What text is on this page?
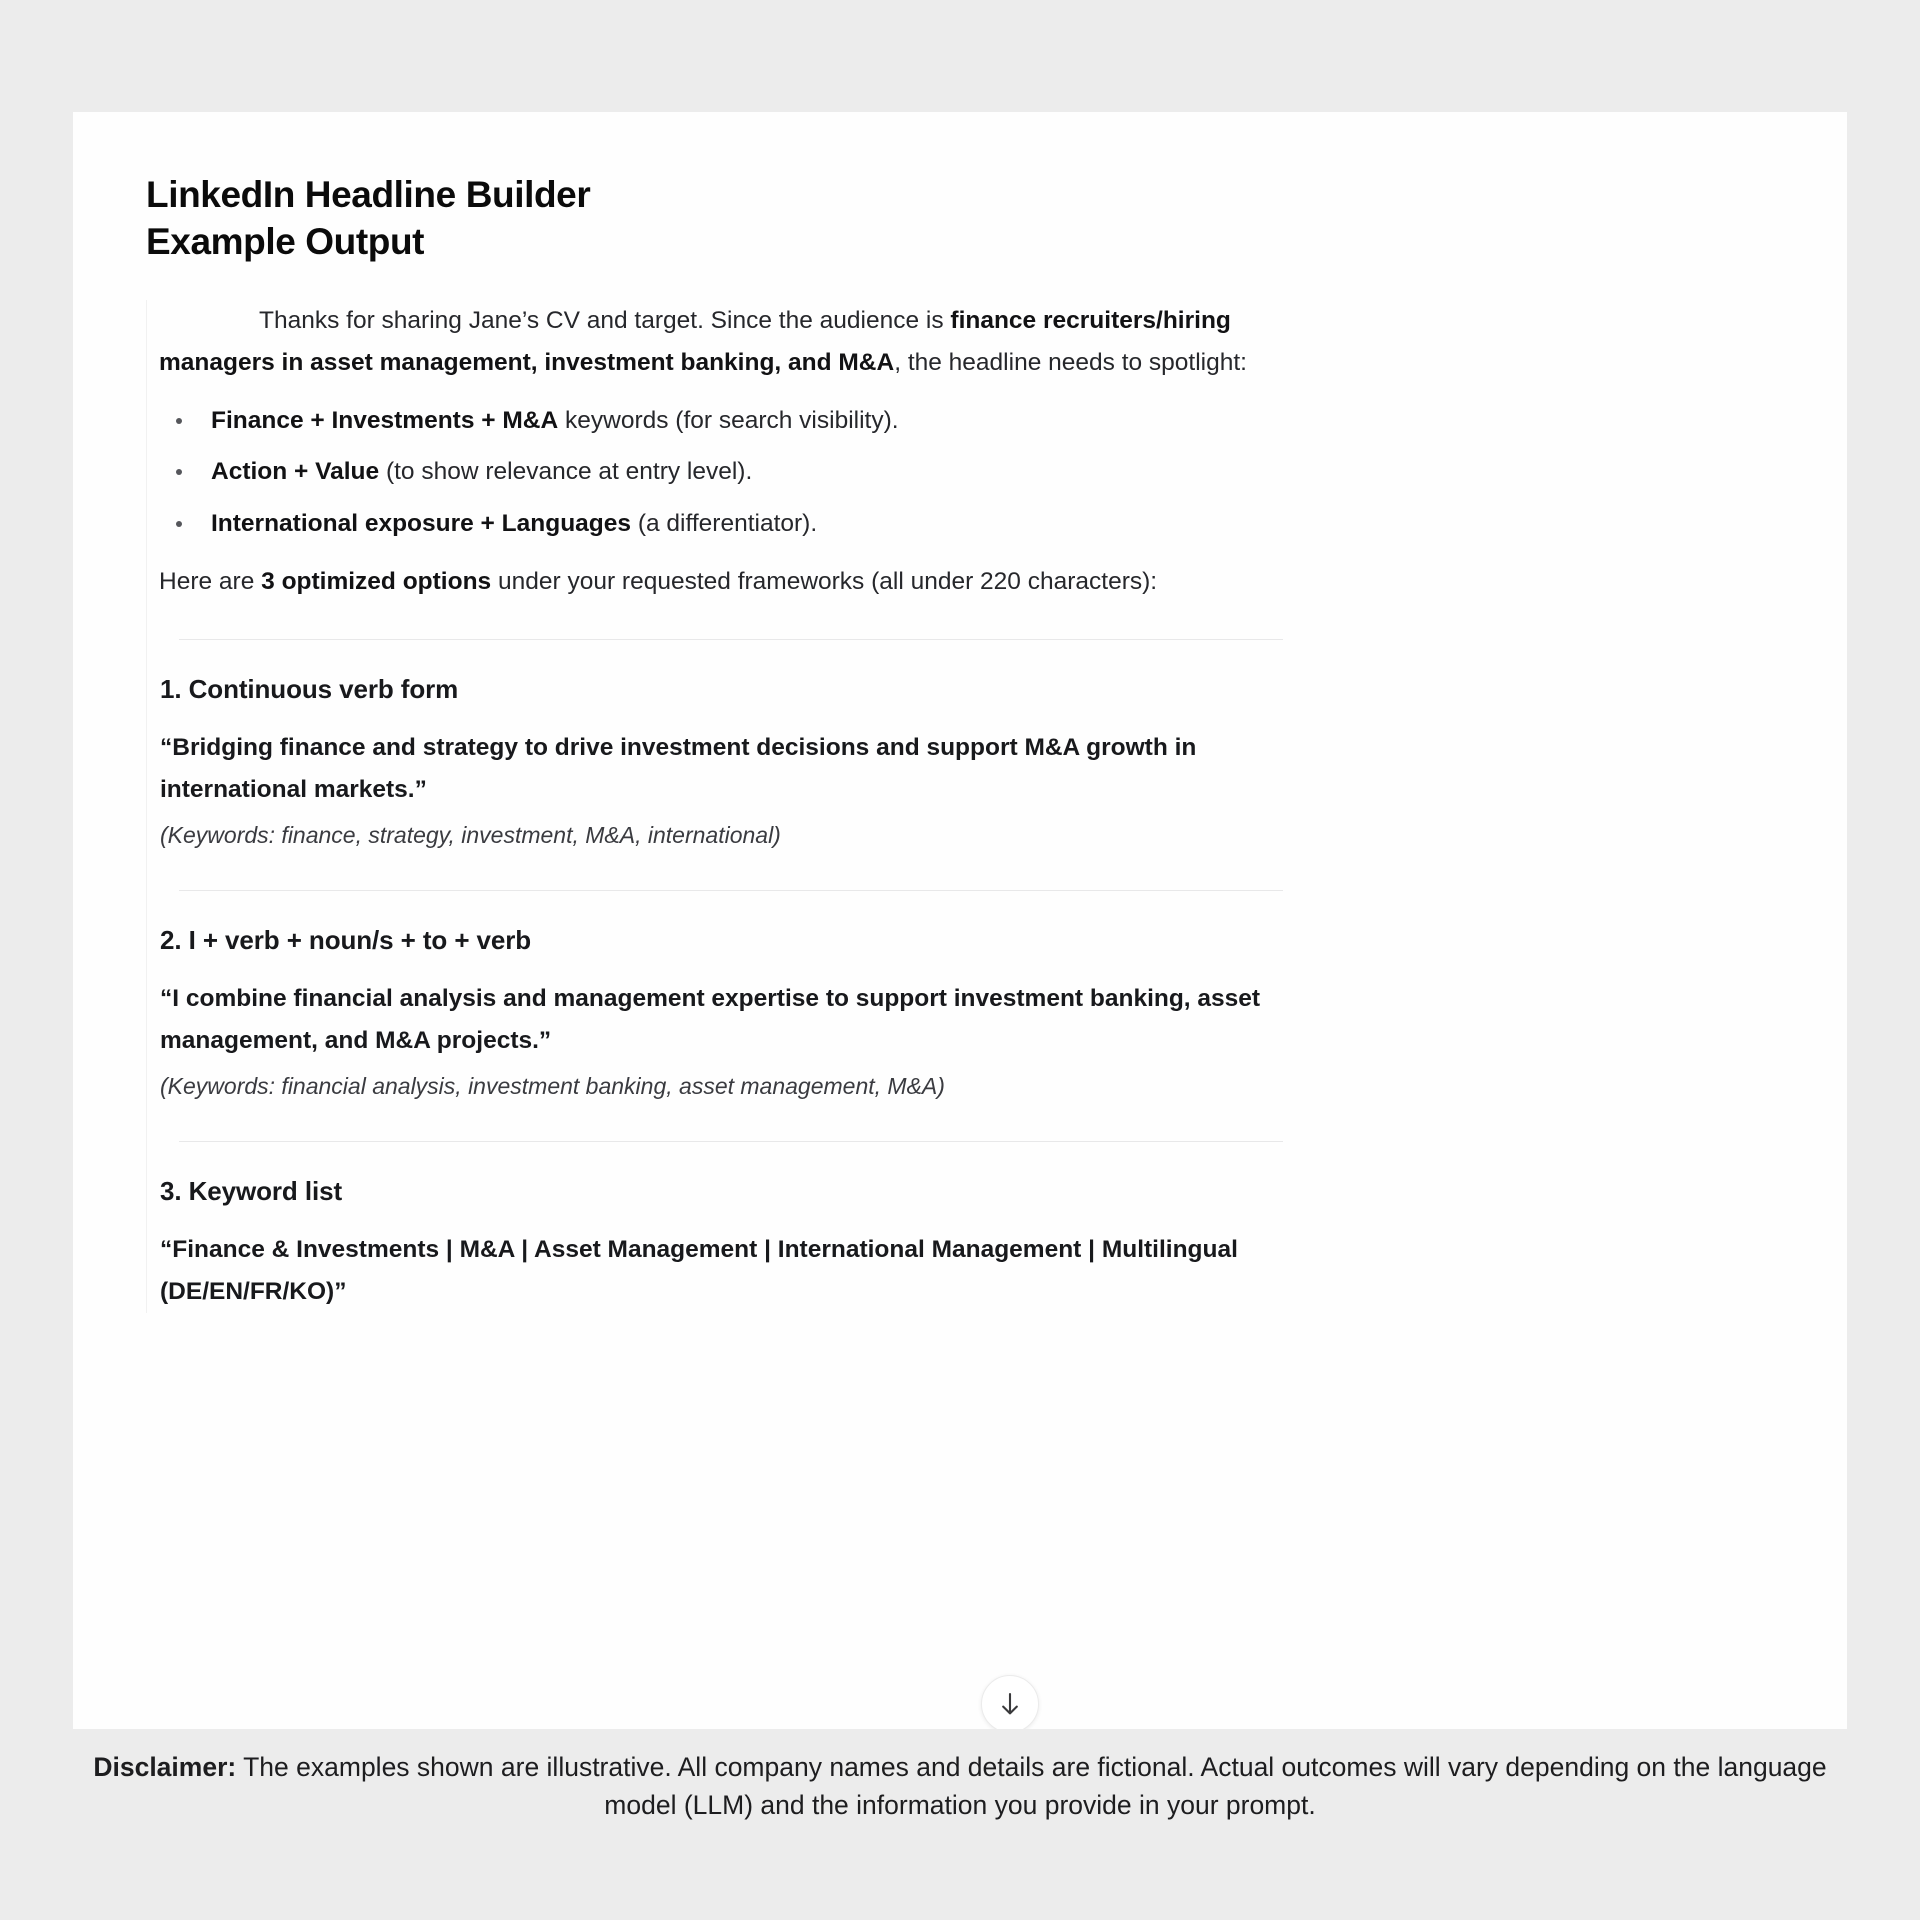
LinkedIn Headline Builder
Example Output

Thanks for sharing Jane’s CV and target. Since the audience is finance recruiters/hiring managers in asset management, investment banking, and M&A, the headline needs to spotlight:

Finance + Investments + M&A keywords (for search visibility).
Action + Value (to show relevance at entry level).
International exposure + Languages (a differentiator).

Here are 3 optimized options under your requested frameworks (all under 220 characters):

1. Continuous verb form

“Bridging finance and strategy to drive investment decisions and support M&A growth in international markets.”

(Keywords: finance, strategy, investment, M&A, international)

2. I + verb + noun/s + to + verb

“I combine financial analysis and management expertise to support investment banking, asset management, and M&A projects.”

(Keywords: financial analysis, investment banking, asset management, M&A)

3. Keyword list

“Finance & Investments | M&A | Asset Management | International Management | Multilingual (DE/EN/FR/KO)”

Disclaimer: The examples shown are illustrative. All company names and details are fictional. Actual outcomes will vary depending on the language model (LLM) and the information you provide in your prompt.
